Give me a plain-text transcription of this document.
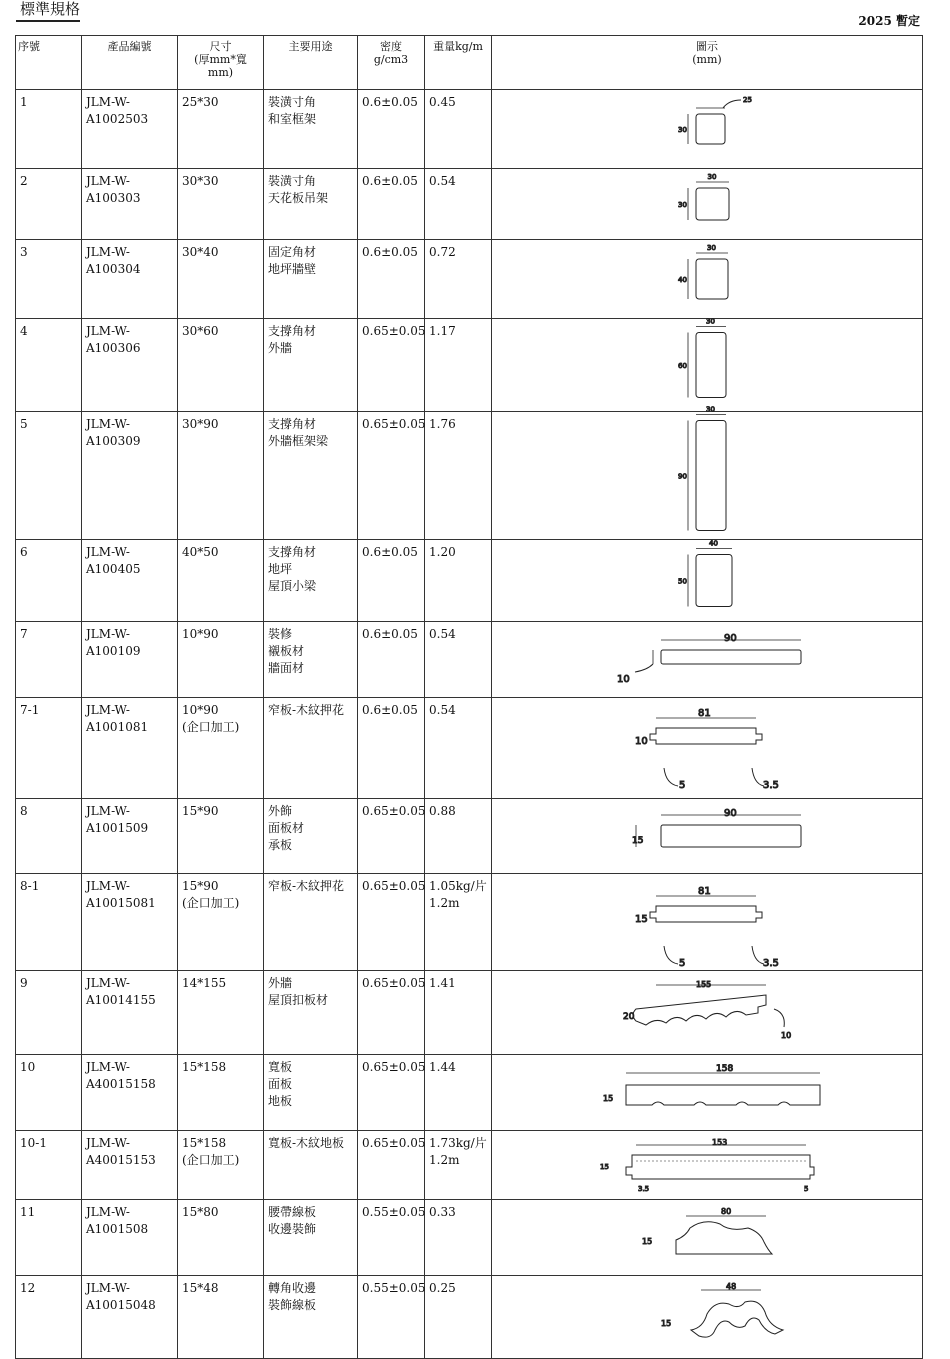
標準規格
2025 暫定
序號	產品編號	尺寸
(厚mm*寬
mm)	主要用途	密度
g/cm3	重量kg/m	圖示
(mm)

1	JLM-W-
A1002503	25*30	裝潢寸角
和室框架	0.6±0.05	0.45	25
30

2	JLM-W-
A100303	30*30	裝潢寸角
天花板吊架	0.6±0.05	0.54	30
30

3	JLM-W-
A100304	30*40	固定角材
地坪牆壁	0.6±0.05	0.72	30
40

4	JLM-W-
A100306	30*60	支撐角材
外牆	0.65±0.05	1.17	30
60

5	JLM-W-
A100309	30*90	支撐角材
外牆框架梁	0.65±0.05	1.76	30
90

6	JLM-W-
A100405	40*50	支撐角材
地坪
屋頂小梁	0.6±0.05	1.20	40
50

7	JLM-W-
A100109	10*90	裝修
襯板材
牆面材	0.6±0.05	0.54	90
10

7-1	JLM-W-
A1001081	10*90
(企口加工)	窄板-木紋押花	0.6±0.05	0.54	81
10
5 3.5

8	JLM-W-
A1001509	15*90	外飾
面板材
承板	0.65±0.05	0.88	90
15

8-1	JLM-W-
A10015081	15*90
(企口加工)	窄板-木紋押花	0.65±0.05	1.05kg/片
1.2m	81
15
5 3.5

9	JLM-W-
A10014155	14*155	外牆
屋頂扣板材	0.65±0.05	1.41	155
20
10

10	JLM-W-
A40015158	15*158	寬板
面板
地板	0.65±0.05	1.44	158
15

10-1	JLM-W-
A40015153	15*158
(企口加工)	寬板-木紋地板	0.65±0.05	1.73kg/片
1.2m	153
15
3.5 5

11	JLM-W-
A1001508	15*80	腰帶線板
收邊裝飾	0.55±0.05	0.33	80
15

12	JLM-W-
A10015048	15*48	轉角收邊
裝飾線板	0.55±0.05	0.25	48
15
